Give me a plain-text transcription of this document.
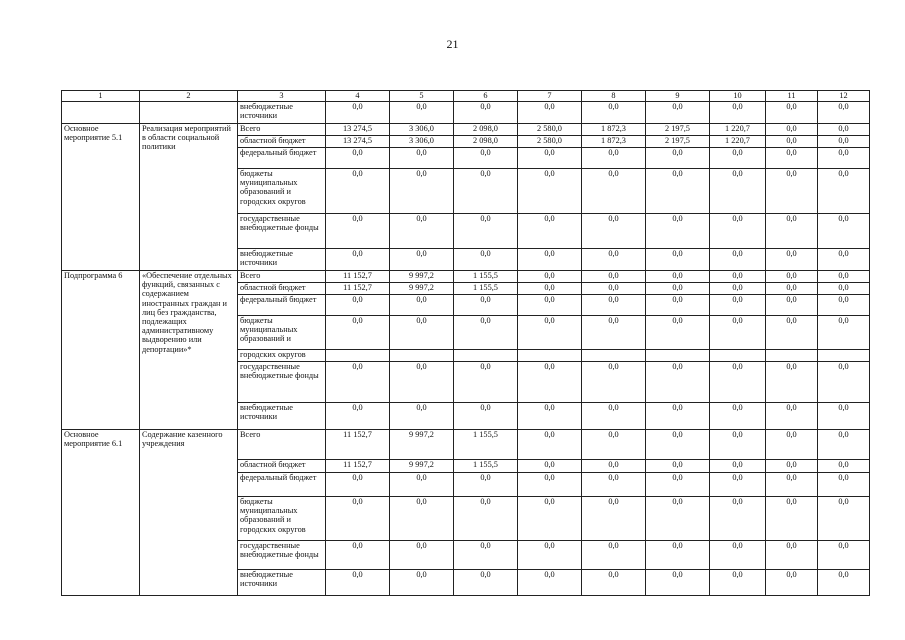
21
1	2	3	4	5	6	7	8	9	10	11	12
		внебюджетные источники	0,0	0,0	0,0	0,0	0,0	0,0	0,0	0,0	0,0
Основное мероприятие 5.1	Реализация мероприятий в области социальной политики	Всего	13 274,5	3 306,0	2 098,0	2 580,0	1 872,3	2 197,5	1 220,7	0,0	0,0
		областной бюджет	13 274,5	3 306,0	2 098,0	2 580,0	1 872,3	2 197,5	1 220,7	0,0	0,0
		федеральный бюджет	0,0	0,0	0,0	0,0	0,0	0,0	0,0	0,0	0,0
		бюджеты муниципальных образований и городских округов	0,0	0,0	0,0	0,0	0,0	0,0	0,0	0,0	0,0
		государственные внебюджетные фонды	0,0	0,0	0,0	0,0	0,0	0,0	0,0	0,0	0,0
		внебюджетные источники	0,0	0,0	0,0	0,0	0,0	0,0	0,0	0,0	0,0
Подпрограмма 6	«Обеспечение отдельных функций, связанных с содержанием иностранных граждан и лиц без гражданства, подлежащих административному выдворению или депортации»*	Всего	11 152,7	9 997,2	1 155,5	0,0	0,0	0,0	0,0	0,0	0,0
		областной бюджет	11 152,7	9 997,2	1 155,5	0,0	0,0	0,0	0,0	0,0	0,0
		федеральный бюджет	0,0	0,0	0,0	0,0	0,0	0,0	0,0	0,0	0,0
		бюджеты муниципальных образований и	0,0	0,0	0,0	0,0	0,0	0,0	0,0	0,0	0,0
		городских округов									
		государственные внебюджетные фонды	0,0	0,0	0,0	0,0	0,0	0,0	0,0	0,0	0,0
		внебюджетные источники	0,0	0,0	0,0	0,0	0,0	0,0	0,0	0,0	0,0
Основное мероприятие 6.1	Содержание казенного учреждения	Всего	11 152,7	9 997,2	1 155,5	0,0	0,0	0,0	0,0	0,0	0,0
		областной бюджет	11 152,7	9 997,2	1 155,5	0,0	0,0	0,0	0,0	0,0	0,0
		федеральный бюджет	0,0	0,0	0,0	0,0	0,0	0,0	0,0	0,0	0,0
		бюджеты муниципальных образований и городских округов	0,0	0,0	0,0	0,0	0,0	0,0	0,0	0,0	0,0
		государственные внебюджетные фонды	0,0	0,0	0,0	0,0	0,0	0,0	0,0	0,0	0,0
		внебюджетные источники	0,0	0,0	0,0	0,0	0,0	0,0	0,0	0,0	0,0
